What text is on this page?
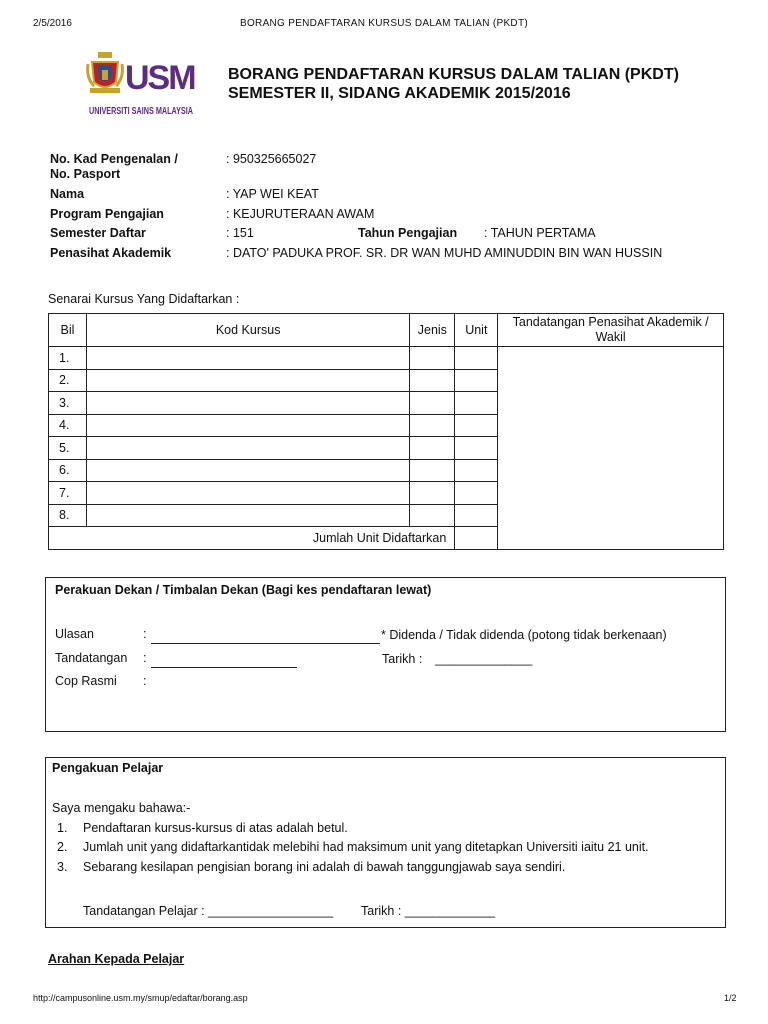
2/5/2016	BORANG PENDAFTARAN KURSUS DALAM TALIAN (PKDT)
USM
UNIVERSITI SAINS MALAYSIA
BORANG PENDAFTARAN KURSUS DALAM TALIAN (PKDT)
SEMESTER II, SIDANG AKADEMIK 2015/2016
No. Kad Pengenalan /
No. Pasport
: 950325665027
Nama	: YAP WEI KEAT
Program Pengajian	: KEJURUTERAAN AWAM
Semester Daftar	: 151	Tahun Pengajian : TAHUN PERTAMA
Penasihat Akademik	: DATO' PADUKA PROF. SR. DR WAN MUHD AMINUDDIN BIN WAN HUSSIN
Senarai Kursus Yang Didaftarkan :
Bil	Kod Kursus	Jenis	Unit	Tandatangan Penasihat Akademik / Wakil
1.				
2.				
3.				
4.				
5.				
6.				
7.				
8.				
Jumlah Unit Didaftarkan				
Perakuan Dekan / Timbalan Dekan (Bagi kes pendaftaran lewat)
Ulasan	:	* Didenda / Tidak didenda (potong tidak berkenaan)
Tandatangan :	Tarikh : ______________
Cop Rasmi :
Pengakuan Pelajar
Saya mengaku bahawa:-
1. Pendaftaran kursus-kursus di atas adalah betul.
2. Jumlah unit yang didaftarkantidak melebihi had maksimum unit yang ditetapkan Universiti iaitu 21 unit.
3. Sebarang kesilapan pengisian borang ini adalah di bawah tanggungjawab saya sendiri.
Tandatangan Pelajar : __________________ Tarikh : _____________
Arahan Kepada Pelajar
http://campusonline.usm.my/smup/edaftar/borang.asp	1/2
